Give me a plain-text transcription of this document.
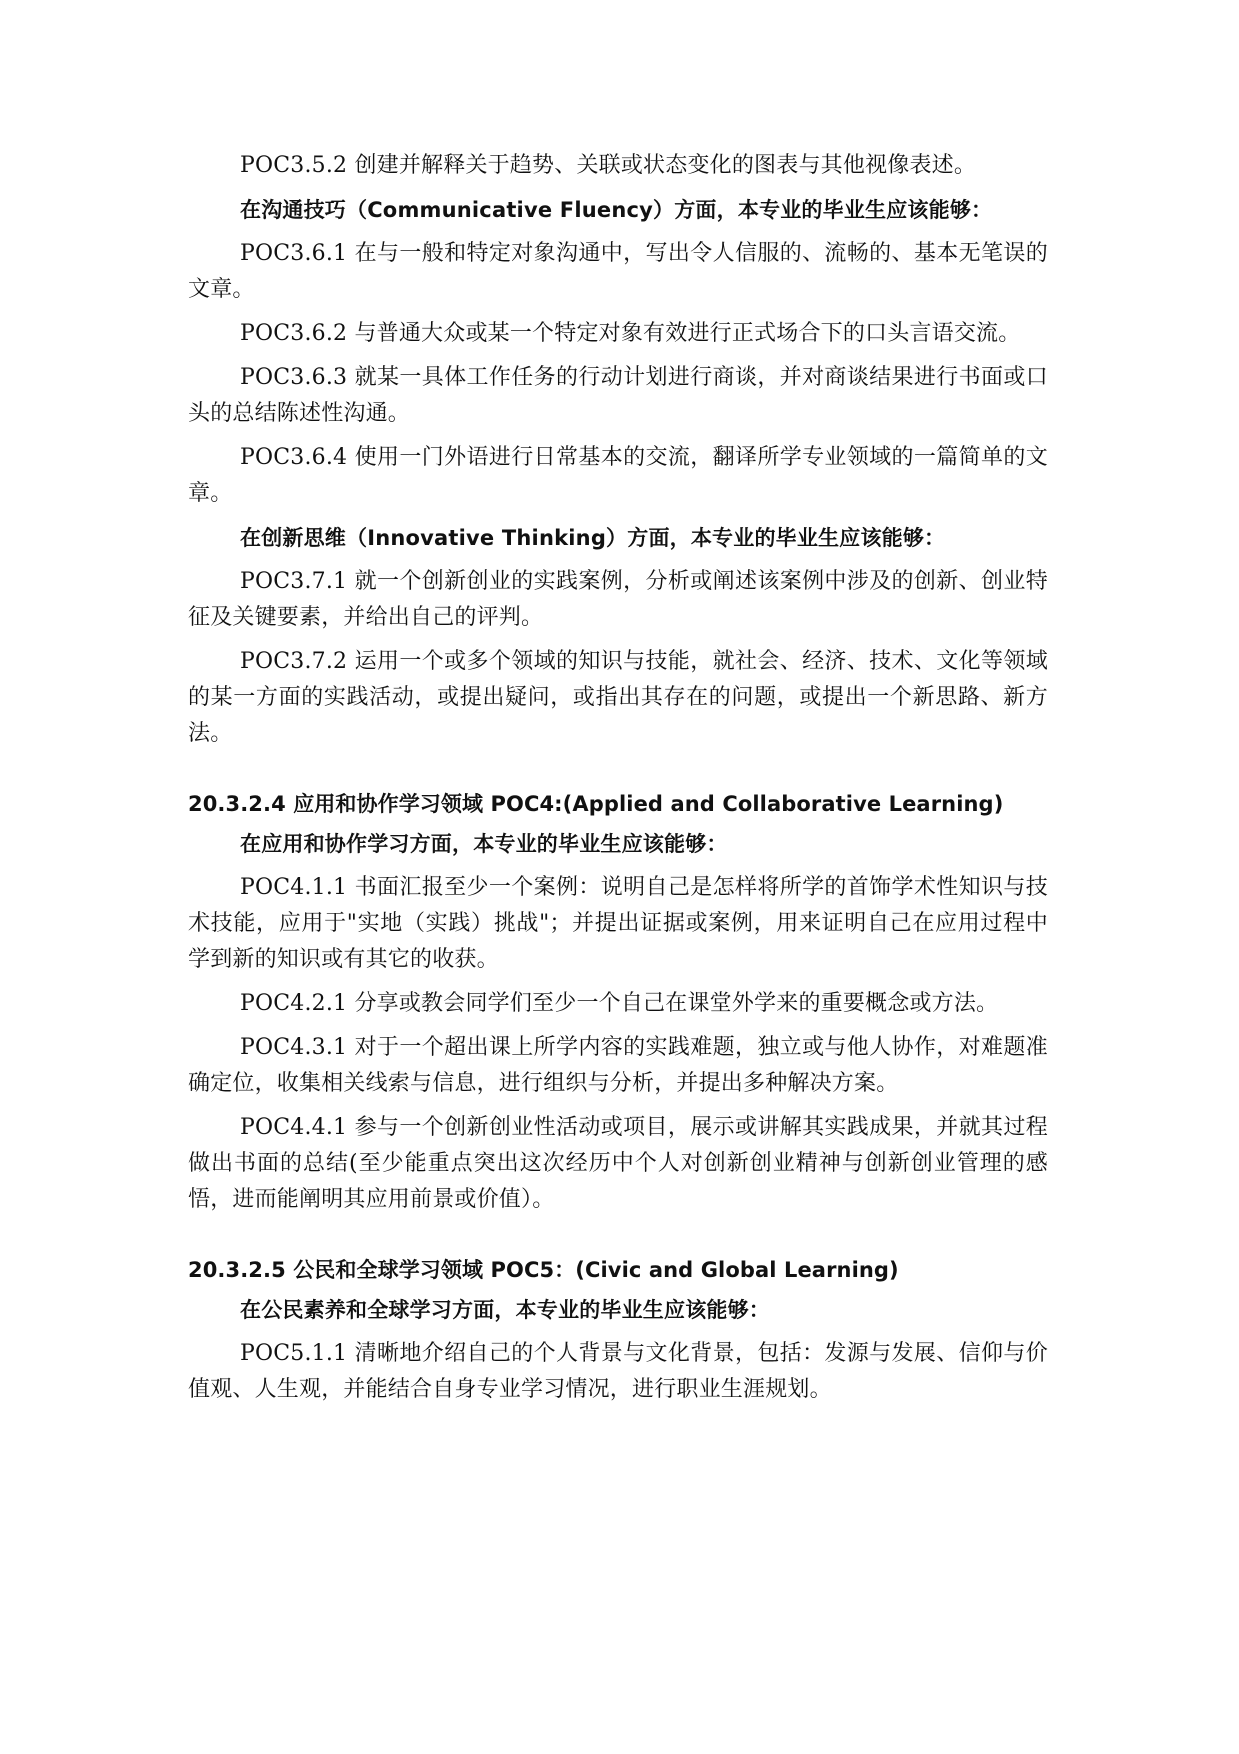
POC3.5.2 创建并解释关于趋势、关联或状态变化的图表与其他视像表述。

在沟通技巧（Communicative Fluency）方面，本专业的毕业生应该能够：

POC3.6.1 在与一般和特定对象沟通中，写出令人信服的、流畅的、基本无笔误的文章。

POC3.6.2 与普通大众或某一个特定对象有效进行正式场合下的口头言语交流。

POC3.6.3 就某一具体工作任务的行动计划进行商谈，并对商谈结果进行书面或口头的总结陈述性沟通。

POC3.6.4 使用一门外语进行日常基本的交流，翻译所学专业领域的一篇简单的文章。

在创新思维（Innovative Thinking）方面，本专业的毕业生应该能够：

POC3.7.1 就一个创新创业的实践案例，分析或阐述该案例中涉及的创新、创业特征及关键要素，并给出自己的评判。

POC3.7.2 运用一个或多个领域的知识与技能，就社会、经济、技术、文化等领域的某一方面的实践活动，或提出疑问，或指出其存在的问题，或提出一个新思路、新方法。

20.3.2.4 应用和协作学习领域 POC4:(Applied and Collaborative Learning)

在应用和协作学习方面，本专业的毕业生应该能够：

POC4.1.1 书面汇报至少一个案例：说明自己是怎样将所学的首饰学术性知识与技术技能，应用于"实地（实践）挑战"；并提出证据或案例，用来证明自己在应用过程中学到新的知识或有其它的收获。

POC4.2.1 分享或教会同学们至少一个自己在课堂外学来的重要概念或方法。

POC4.3.1 对于一个超出课上所学内容的实践难题，独立或与他人协作，对难题准确定位，收集相关线索与信息，进行组织与分析，并提出多种解决方案。

POC4.4.1 参与一个创新创业性活动或项目，展示或讲解其实践成果，并就其过程做出书面的总结(至少能重点突出这次经历中个人对创新创业精神与创新创业管理的感悟，进而能阐明其应用前景或价值）。

20.3.2.5 公民和全球学习领域 POC5：(Civic and Global Learning)

在公民素养和全球学习方面，本专业的毕业生应该能够：

POC5.1.1 清晰地介绍自己的个人背景与文化背景，包括：发源与发展、信仰与价值观、人生观，并能结合自身专业学习情况，进行职业生涯规划。
